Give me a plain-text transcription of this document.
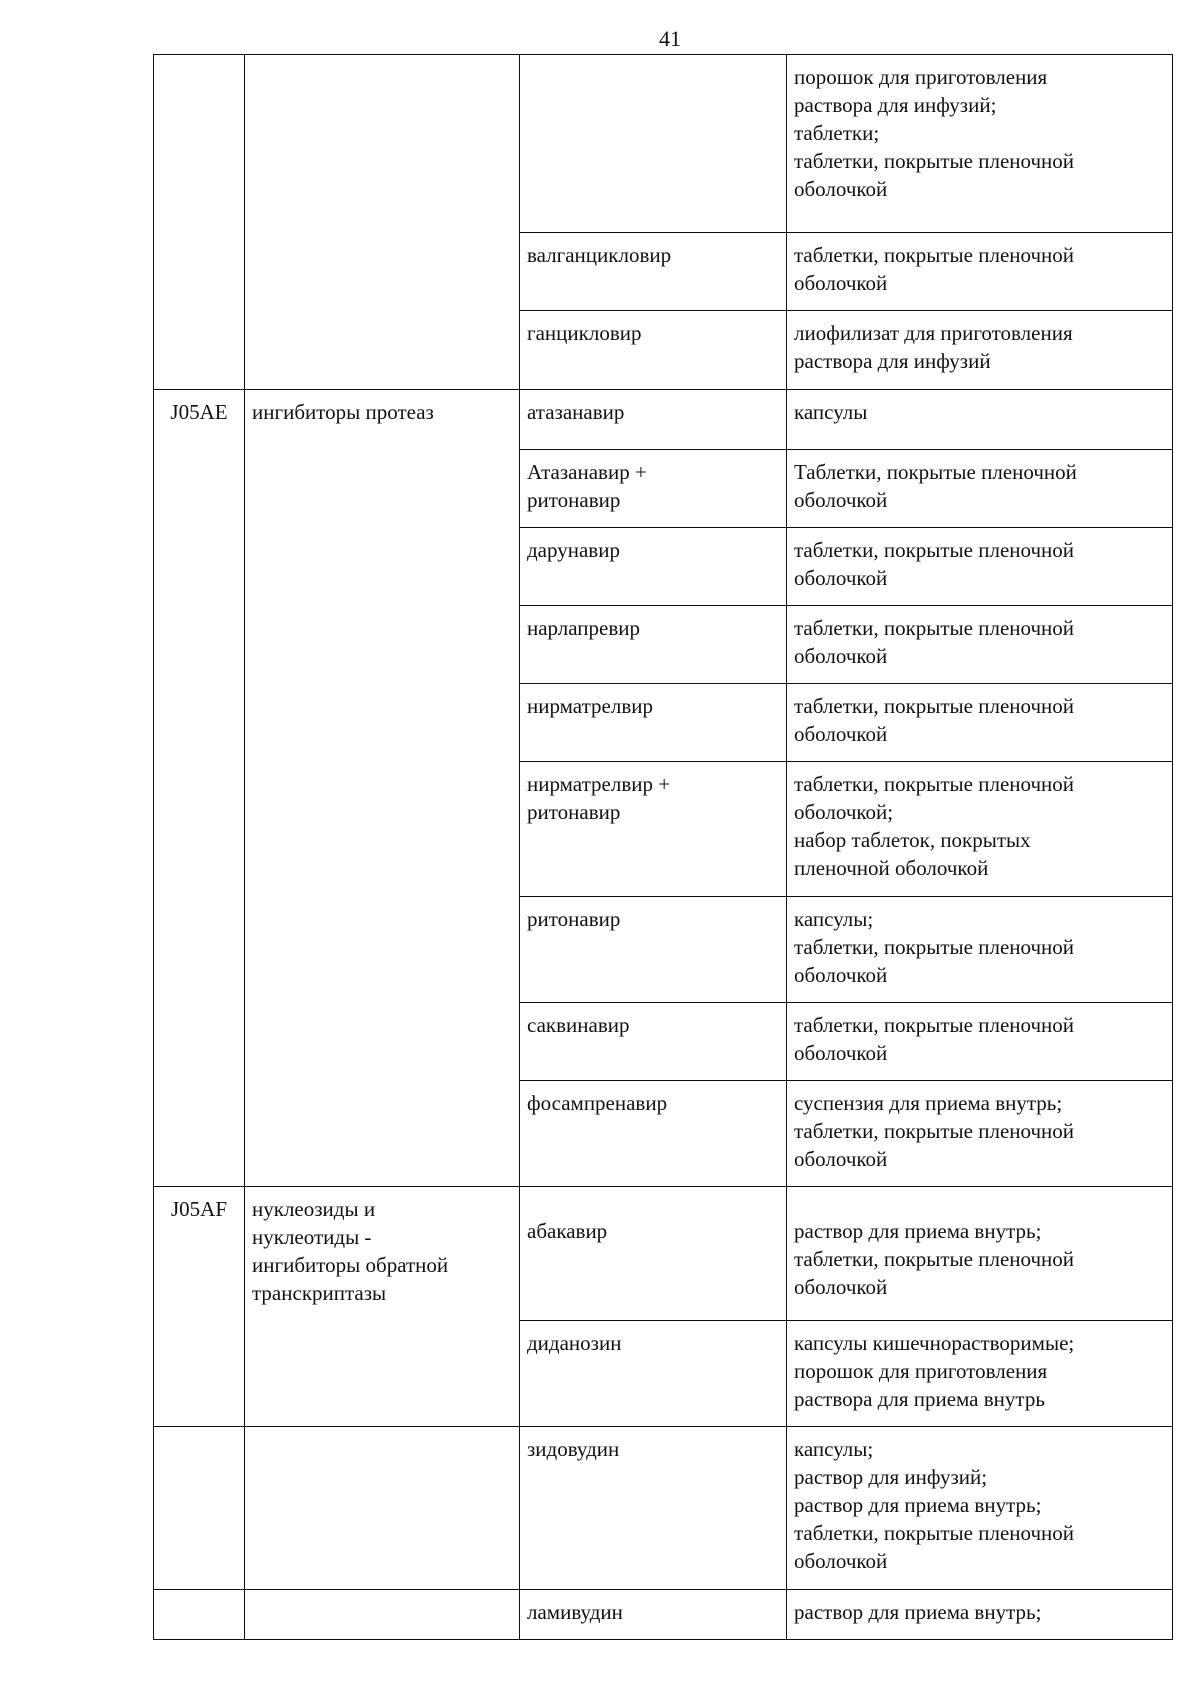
41
			порошок для приготовления
раствора для инфузий;
таблетки;
таблетки, покрытые пленочной
оболочкой
		валганцикловир	таблетки, покрытые пленочной
оболочкой
		ганцикловир	лиофилизат для приготовления
раствора для инфузий
J05AE	ингибиторы протеаз	атазанавир	капсулы
		Атазанавир +
ритонавир	Таблетки, покрытые пленочной
оболочкой
		дарунавир	таблетки, покрытые пленочной
оболочкой
		нарлапревир	таблетки, покрытые пленочной
оболочкой
		нирматрелвир	таблетки, покрытые пленочной
оболочкой
		нирматрелвир +
ритонавир	таблетки, покрытые пленочной
оболочкой;
набор таблеток, покрытых
пленочной оболочкой
		ритонавир	капсулы;
таблетки, покрытые пленочной
оболочкой
		саквинавир	таблетки, покрытые пленочной
оболочкой
		фосампренавир	суспензия для приема внутрь;
таблетки, покрытые пленочной
оболочкой
J05AF	нуклеозиды и
нуклеотиды -
ингибиторы обратной
транскриптазы	абакавир	раствор для приема внутрь;
таблетки, покрытые пленочной
оболочкой
		диданозин	капсулы кишечнорастворимые;
порошок для приготовления
раствора для приема внутрь
		зидовудин	капсулы;
раствор для инфузий;
раствор для приема внутрь;
таблетки, покрытые пленочной
оболочкой
		ламивудин	раствор для приема внутрь;
